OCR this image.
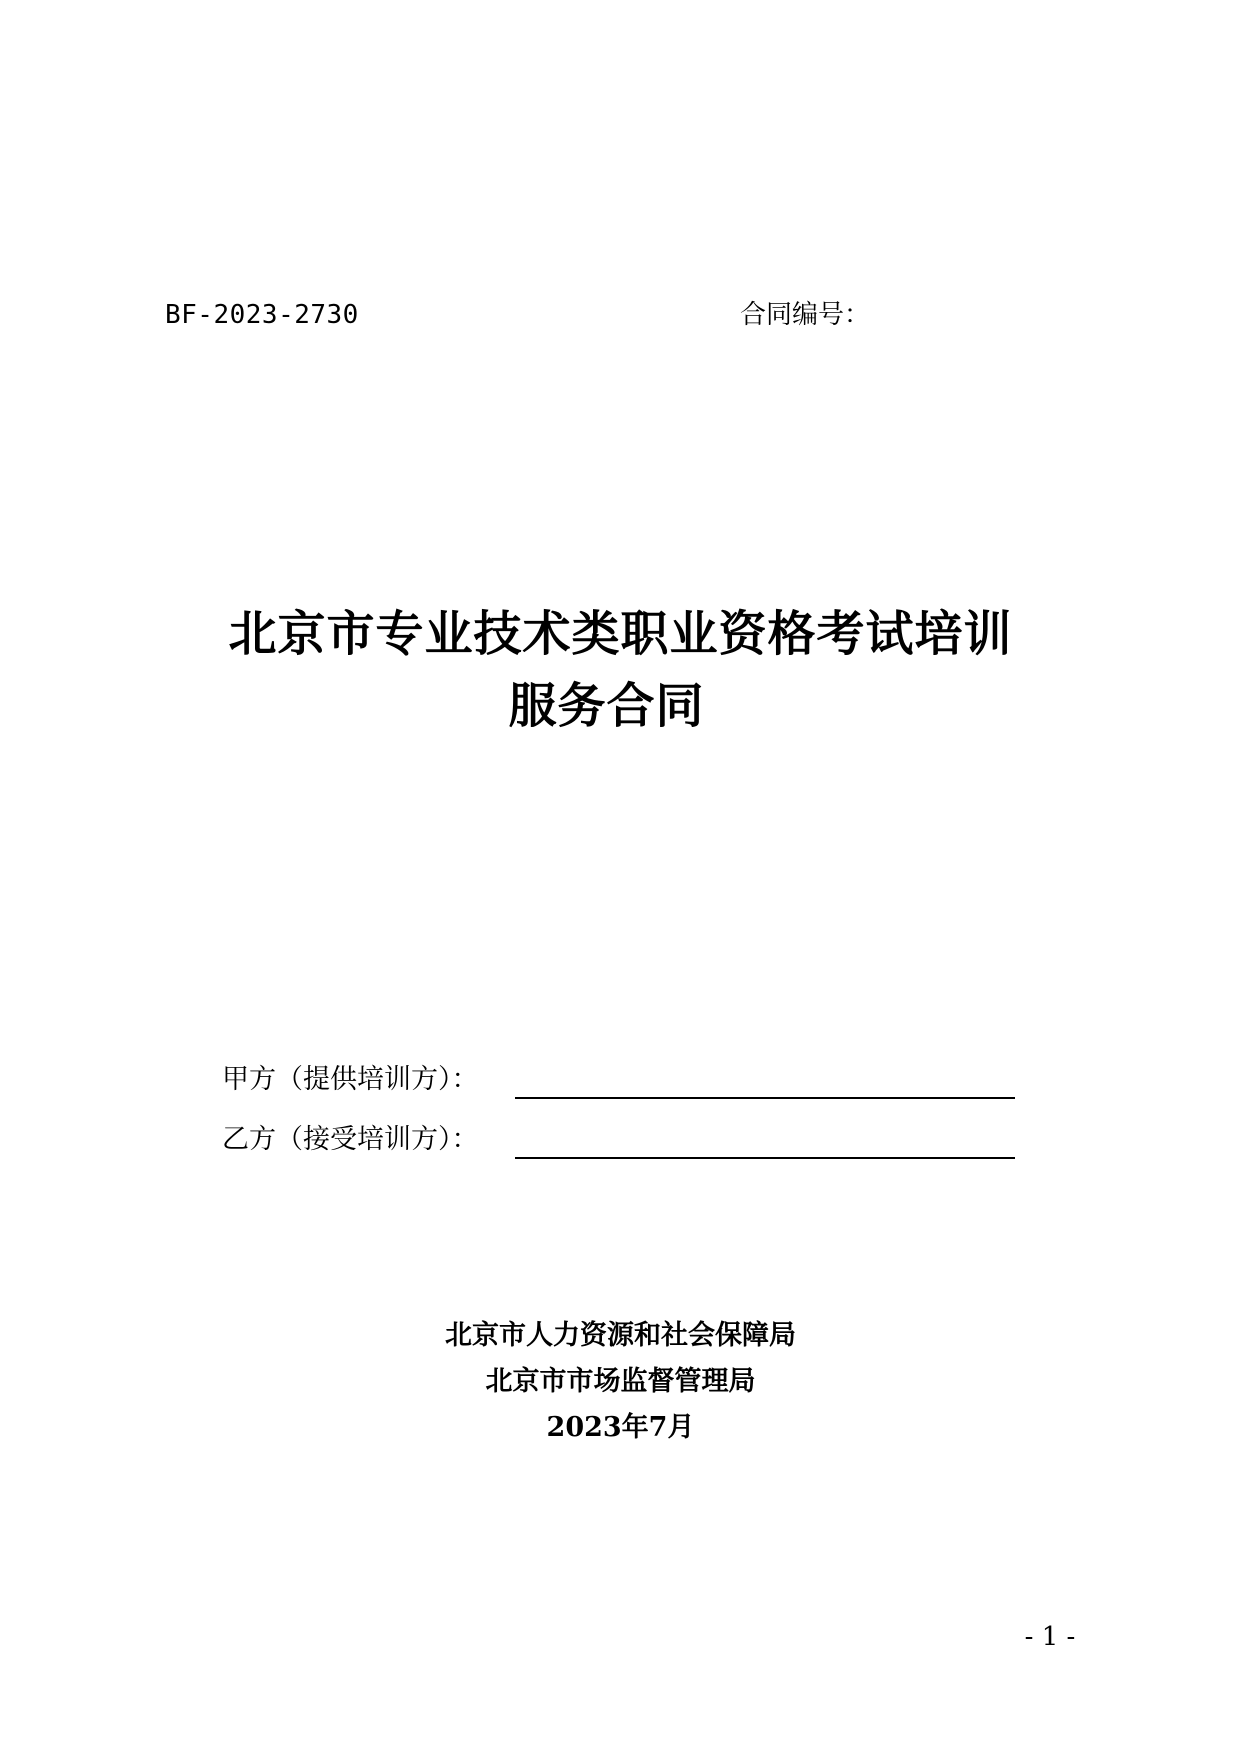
BF-2023-2730	合同编号：
北京市专业技术类职业资格考试培训
服务合同
甲方（提供培训方）：
乙方（接受培训方）：
北京市人力资源和社会保障局
北京市市场监督管理局
2023年7月
- 1 -
